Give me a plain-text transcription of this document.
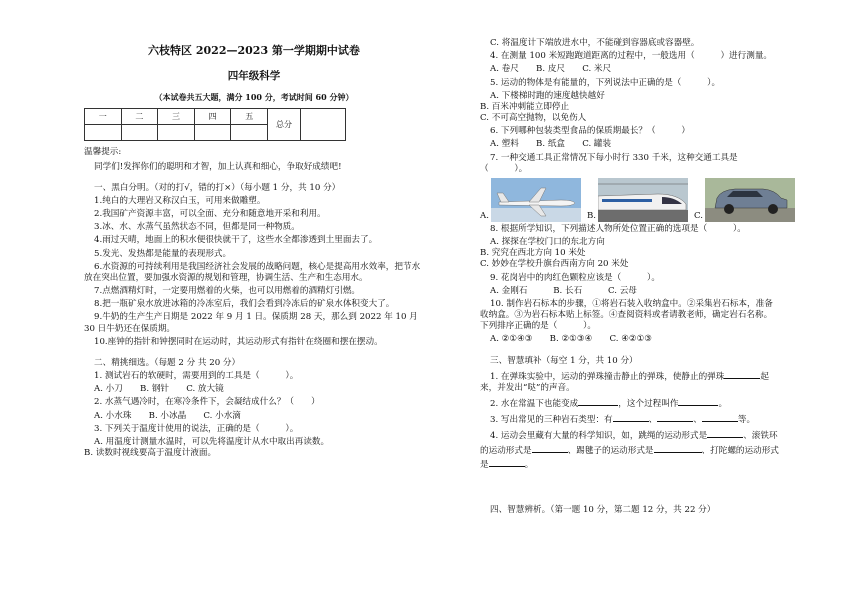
六枝特区 2022—2023 第一学期期中试卷
四年级科学
（本试卷共五大题，满分 100 分，考试时间 60 分钟）
一	二	三	四	五	总分	

温馨提示:
同学们!发挥你们的聪明和才智，加上认真和细心，争取好成绩吧!
一、黑白分明。（对的打√，错的打×）（每小题 1 分，共 10 分）

1.纯白的大理岩又称汉白玉，可用来做雕塑。

2.我国矿产资源丰富，可以全面、充分和随意地开采和利用。

3.冰、水、水蒸气虽然状态不同，但都是同一种物质。

4.雨过天晴，地面上的积水便很快就干了，这些水全都渗透到土里面去了。

5.发光、发热都是能量的表现形式。

6.水资源的可持续利用是我国经济社会发展的战略问题，核心是提高用水效率，把节水放在突出位置，要加强水资源的规划和管理，协调生活、生产和生态用水。

7.点燃酒精灯时，一定要用燃着的火柴，也可以用燃着的酒精灯引燃。

8.把一瓶矿泉水放进冰箱的冷冻室后，我们会看到冷冻后的矿泉水体积变大了。

9.牛奶的生产生产日期是 2022 年 9 月 1 日。保质期 28 天，那么到 2022 年 10 月 30 日牛奶还在保质期。

10.座钟的指针和钟摆同时在运动时，其运动形式有指针在绕圈和摆在摆动。

二、精挑细选。（每题 2 分 共 20 分）

1. 测试岩石的软硬时，需要用到的工具是（　　　）。

A. 小刀　　B. 钢针　　C. 放大镜

2. 水蒸气遇冷时，在寒冷条件下，会凝结成什么？（　　）

A. 小水珠　　B. 小冰晶　　C. 小水滴

3. 下列关于温度计使用的说法，正确的是（　　　）。

A. 用温度计测量水温时，可以先将温度计从水中取出再读数。
B. 读数时视线要高于温度计液面。

C. 将温度计下端放进水中，不能碰到容器底或容器壁。

4. 在测量 100 米短跑跑道距离的过程中，一般选用（　　　）进行测量。

A. 卷尺　　B. 皮尺　　C. 米尺

5. 运动的物体是有能量的，下列说法中正确的是（　　　）。

A. 下楼梯时跑的速度越快越好
B. 百米冲刺能立即停止
C. 不可高空抛物，以免伤人

6. 下列哪种包装类型食品的保质期最长？（　　　）

A. 塑料　　B. 纸盒　　C. 罐装

7. 一种交通工具正常情况下每小时行 330 千米，这种交通工具是（　　　）。

A.	B.	C.

8. 根据所学知识，下列描述人物所处位置正确的选项是（　　　）。

A. 探探在学校门口的东北方向
B. 究究在西北方向 10 米处
C. 妙妙在学校升旗台西南方向 20 米处

9. 花岗岩中的肉红色颗粒应该是（　　　）。

A. 金刚石　　　B. 长石　　　C. 云母

10. 制作岩石标本的步骤，①将岩石装入收纳盒中。②采集岩石标本，准备收纳盒。③为岩石标本贴上标签。④查阅资料或者请教老师，确定岩石名称。下列排序正确的是（　　　）。

A. ②①④③　　B. ②①③④　　C. ④②①③

三、智慧填补（每空 1 分，共 10 分）

1. 在弹珠实验中，运动的弹珠撞击静止的弹珠，使静止的弹珠	起来，并发出“哒”的声音。

2. 水在常温下也能变成	，这个过程叫作	。

3. 写出常见的三种岩石类型：有	、	、	等。

4. 运动会里藏有大量的科学知识，如，跳绳的运动形式是	、滚铁环的运动形式是	、踢毽子的运动形式是	、打陀螺的运动形式是	。

四、智慧辨析。（第一题 10 分，第二题 12 分，共 22 分）
